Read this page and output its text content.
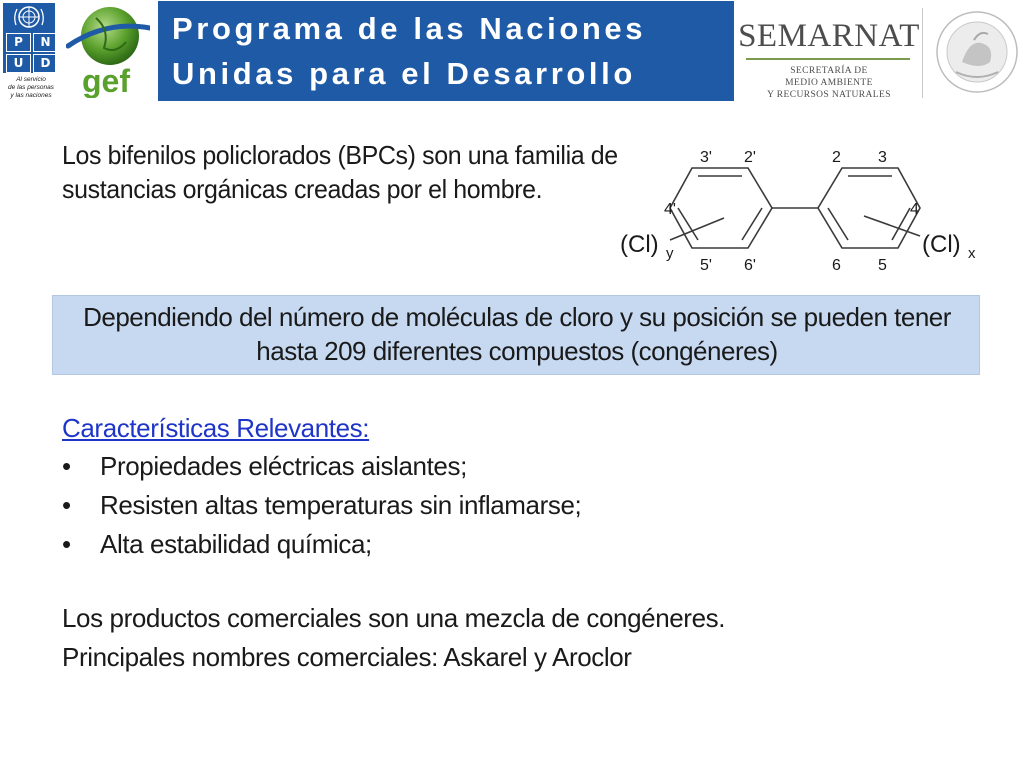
P	N
U	D
Al servicio
de las personas
y las naciones gef
Programa de las Naciones
Unidas para el Desarrollo
SEMARNAT
SECRETARÍA DE
MEDIO AMBIENTE
Y RECURSOS NATURALES
Los bifenilos policlorados (BPCs) son una familia de sustancias orgánicas creadas por el hombre.
3' 2'
4'
5' 6'
2 3
4
6 5
(Cl) y	(Cl) x
Dependiendo del número de moléculas de cloro y su posición se pueden tener hasta 209 diferentes compuestos (congéneres)
Características Relevantes:
• Propiedades eléctricas aislantes;
• Resisten altas temperaturas sin inflamarse;
• Alta estabilidad química;
Los productos comerciales son una mezcla de congéneres.
Principales nombres comerciales: Askarel y Aroclor
